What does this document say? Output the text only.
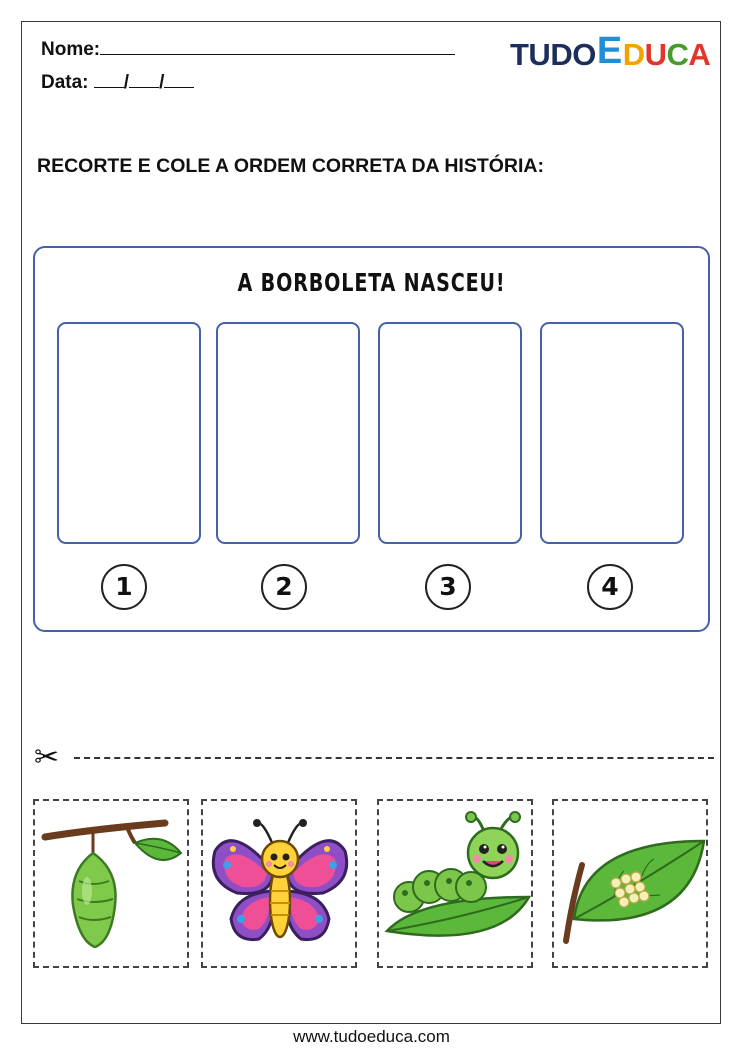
Nome:
Data: / /
TUDO E D U C A
RECORTE E COLE A ORDEM CORRETA DA HISTÓRIA:
A BORBOLETA NASCEU!
1	2	3	4
✂
www.tudoeduca.com
